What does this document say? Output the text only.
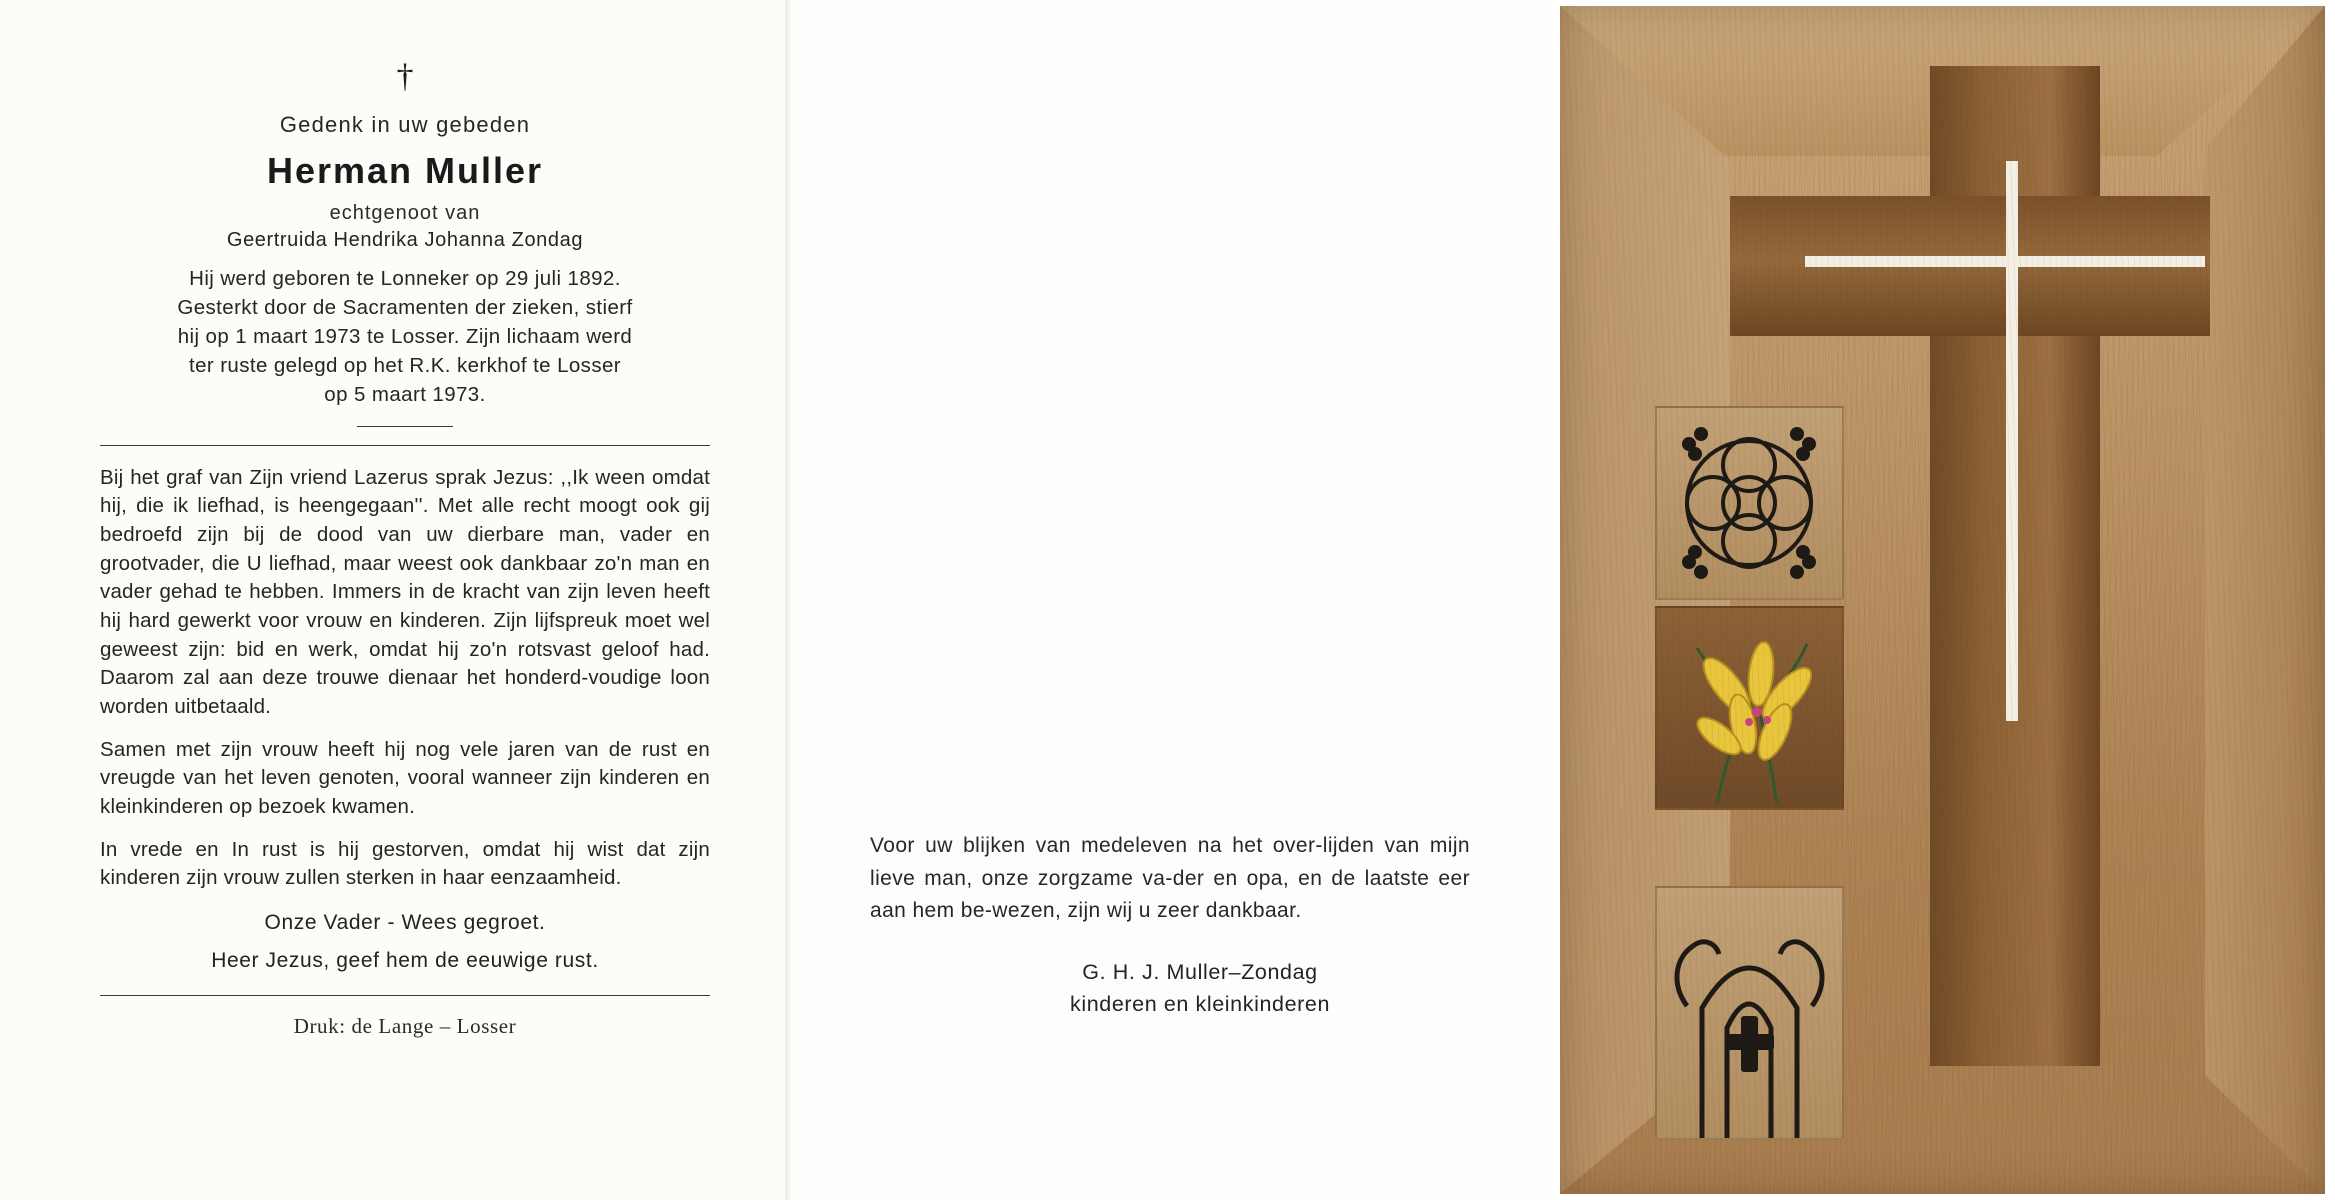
†
Gedenk in uw gebeden
Herman Muller
echtgenoot van
Geertruida Hendrika Johanna Zondag
Hij werd geboren te Lonneker op 29 juli 1892.
Gesterkt door de Sacramenten der zieken, stierf
hij op 1 maart 1973 te Losser. Zijn lichaam werd
ter ruste gelegd op het R.K. kerkhof te Losser

op 5 maart 1973.

Bij het graf van Zijn vriend Lazerus sprak Jezus: ,,Ik ween omdat hij, die ik liefhad, is heengegaan''. Met alle recht moogt ook gij bedroefd zijn bij de dood van uw dierbare man, vader en grootvader, die U liefhad, maar weest ook dankbaar zo'n man en vader gehad te hebben. Immers in de kracht van zijn leven heeft hij hard gewerkt voor vrouw en kinderen. Zijn lijfspreuk moet wel geweest zijn: bid en werk, omdat hij zo'n rotsvast geloof had. Daarom zal aan deze trouwe dienaar het honderd-voudige loon worden uitbetaald.

Samen met zijn vrouw heeft hij nog vele jaren van de rust en vreugde van het leven genoten, vooral wanneer zijn kinderen en kleinkinderen op bezoek kwamen.

In vrede en In rust is hij gestorven, omdat hij wist dat zijn kinderen zijn vrouw zullen sterken in haar eenzaamheid.

Onze Vader - Wees gegroet.
Heer Jezus, geef hem de eeuwige rust.
Druk: de Lange – Losser

Voor uw blijken van medeleven na het over-lijden van mijn lieve man, onze zorgzame va-der en opa, en de laatste eer aan hem be-wezen, zijn wij u zeer dankbaar.

G. H. J. Muller–Zondag
kinderen en kleinkinderen
